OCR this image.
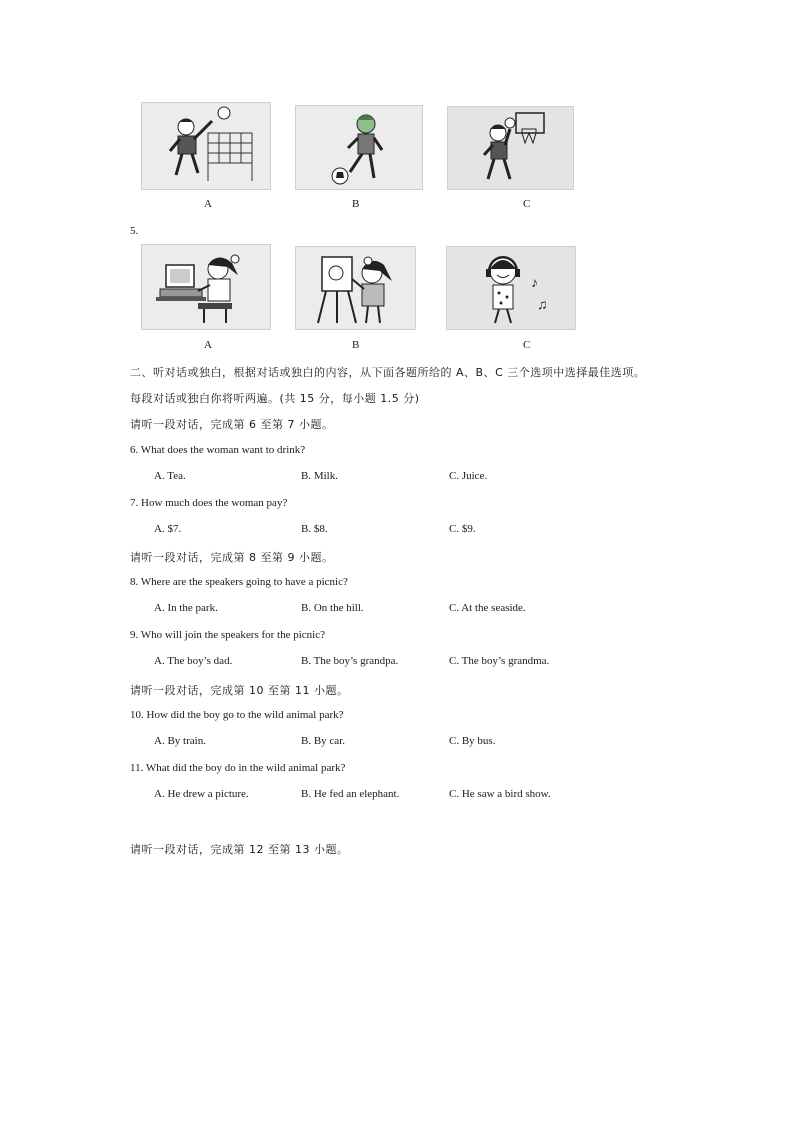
A	B	C
5.
♪
♫
A	B	C
二、听对话或独白，根据对话或独白的内容，从下面各题所给的 A、B、C 三个选项中选择最佳选项。
每段对话或独白你将听两遍。(共 15 分，每小题 1.5 分)
请听一段对话，完成第 6 至第 7 小题。
6. What does the woman want to drink?
A. Tea.	B. Milk.	C. Juice.
7. How much does the woman pay?
A. $7.	B. $8.	C. $9.
请听一段对话，完成第 8 至第 9 小题。
8. Where are the speakers going to have a picnic?
A. In the park.	B. On the hill.	C. At the seaside.
9. Who will join the speakers for the picnic?
A. The boy’s dad.	B. The boy’s grandpa.	C. The boy’s grandma.
请听一段对话，完成第 10 至第 11 小题。
10. How did the boy go to the wild animal park?
A. By train.	B. By car.	C. By bus.
11. What did the boy do in the wild animal park?
A. He drew a picture.	B. He fed an elephant.	C. He saw a bird show.
请听一段对话，完成第 12 至第 13 小题。
